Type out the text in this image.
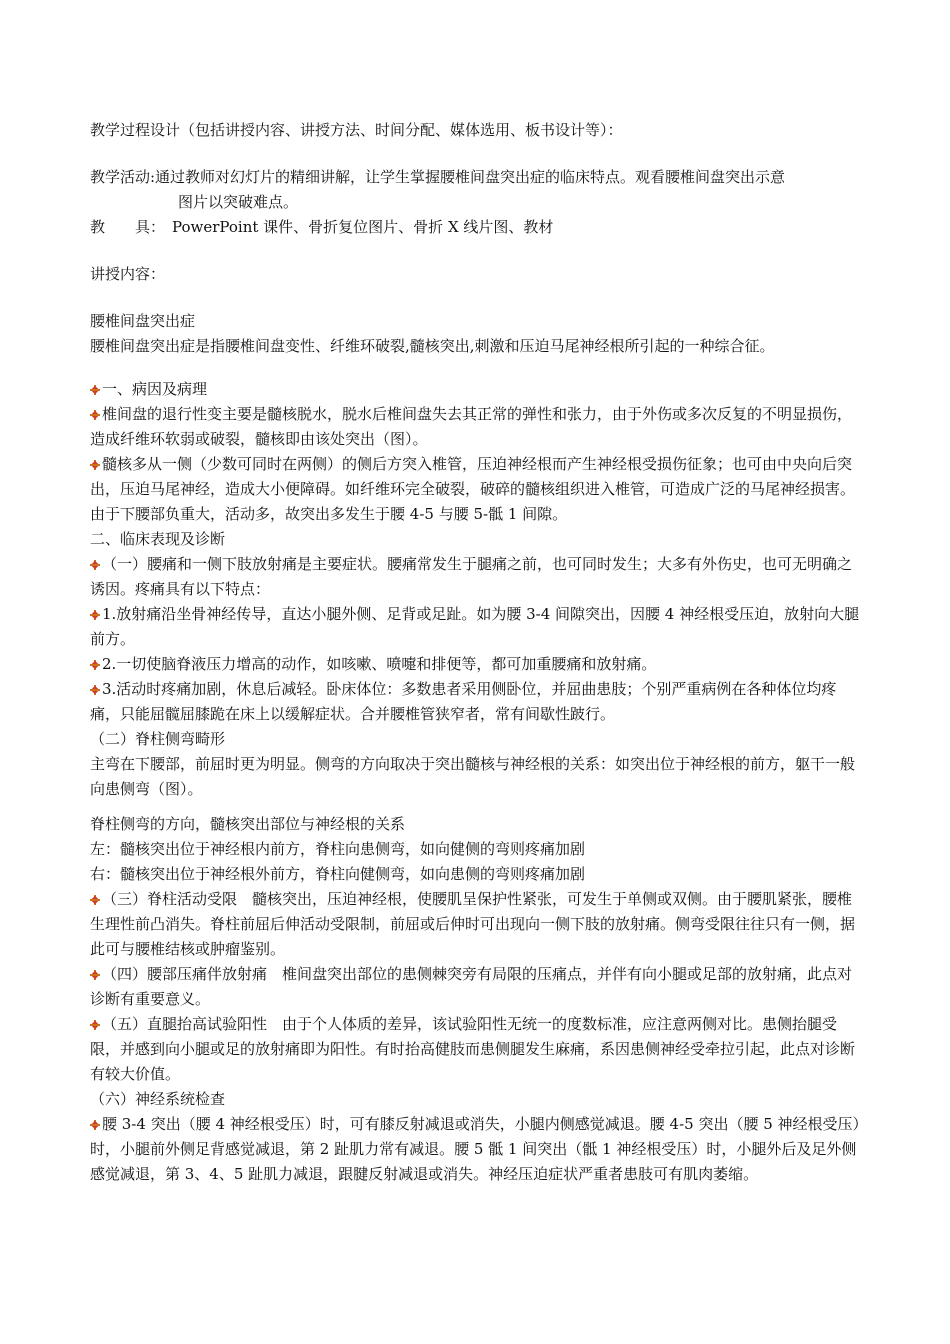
教学过程设计（包括讲授内容、讲授方法、时间分配、媒体选用、板书设计等）：
教学活动:通过教师对幻灯片的精细讲解，让学生掌握腰椎间盘突出症的临床特点。观看腰椎间盘突出示意
图片以突破难点。
教　　具： PowerPoint 课件、骨折复位图片、骨折 X 线片图、教材
讲授内容：
腰椎间盘突出症
腰椎间盘突出症是指腰椎间盘变性、纤维环破裂,髓核突出,刺激和压迫马尾神经根所引起的一种综合征。
一、病因及病理
椎间盘的退行性变主要是髓核脱水，脱水后椎间盘失去其正常的弹性和张力，由于外伤或多次反复的不明显损伤，造成纤维环软弱或破裂，髓核即由该处突出（图）。
髓核多从一侧（少数可同时在两侧）的侧后方突入椎管，压迫神经根而产生神经根受损伤征象；也可由中央向后突出，压迫马尾神经，造成大小便障碍。如纤维环完全破裂，破碎的髓核组织进入椎管，可造成广泛的马尾神经损害。由于下腰部负重大，活动多，故突出多发生于腰 4-5 与腰 5-骶 1 间隙。
二、临床表现及诊断
（一）腰痛和一侧下肢放射痛是主要症状。腰痛常发生于腿痛之前，也可同时发生；大多有外伤史，也可无明确之诱因。疼痛具有以下特点：
1.放射痛沿坐骨神经传导，直达小腿外侧、足背或足趾。如为腰 3-4 间隙突出，因腰 4 神经根受压迫，放射向大腿前方。
2.一切使脑脊液压力增高的动作，如咳嗽、喷嚏和排便等，都可加重腰痛和放射痛。
3.活动时疼痛加剧，休息后减轻。卧床体位：多数患者采用侧卧位，并屈曲患肢；个别严重病例在各种体位均疼痛，只能屈髋屈膝跪在床上以缓解症状。合并腰椎管狭窄者，常有间歇性跛行。
（二）脊柱侧弯畸形
主弯在下腰部，前屈时更为明显。侧弯的方向取决于突出髓核与神经根的关系：如突出位于神经根的前方，躯干一般向患侧弯（图）。
脊柱侧弯的方向，髓核突出部位与神经根的关系
左：髓核突出位于神经根内前方，脊柱向患侧弯，如向健侧的弯则疼痛加剧
右：髓核突出位于神经根外前方，脊柱向健侧弯，如向患侧的弯则疼痛加剧
（三）脊柱活动受限　髓核突出，压迫神经根，使腰肌呈保护性紧张，可发生于单侧或双侧。由于腰肌紧张，腰椎生理性前凸消失。脊柱前屈后伸活动受限制，前屈或后伸时可出现向一侧下肢的放射痛。侧弯受限往往只有一侧，据此可与腰椎结核或肿瘤鉴别。
（四）腰部压痛伴放射痛　椎间盘突出部位的患侧棘突旁有局限的压痛点，并伴有向小腿或足部的放射痛，此点对诊断有重要意义。
（五）直腿抬高试验阳性　由于个人体质的差异，该试验阳性无统一的度数标准，应注意两侧对比。患侧抬腿受限，并感到向小腿或足的放射痛即为阳性。有时抬高健肢而患侧腿发生麻痛，系因患侧神经受牵拉引起，此点对诊断有较大价值。
（六）神经系统检查
腰 3-4 突出（腰 4 神经根受压）时，可有膝反射减退或消失，小腿内侧感觉减退。腰 4-5 突出（腰 5 神经根受压）时，小腿前外侧足背感觉减退，第 2 趾肌力常有减退。腰 5 骶 1 间突出（骶 1 神经根受压）时，小腿外后及足外侧感觉减退，第 3、4、5 趾肌力减退，跟腱反射减退或消失。神经压迫症状严重者患肢可有肌肉萎缩。
